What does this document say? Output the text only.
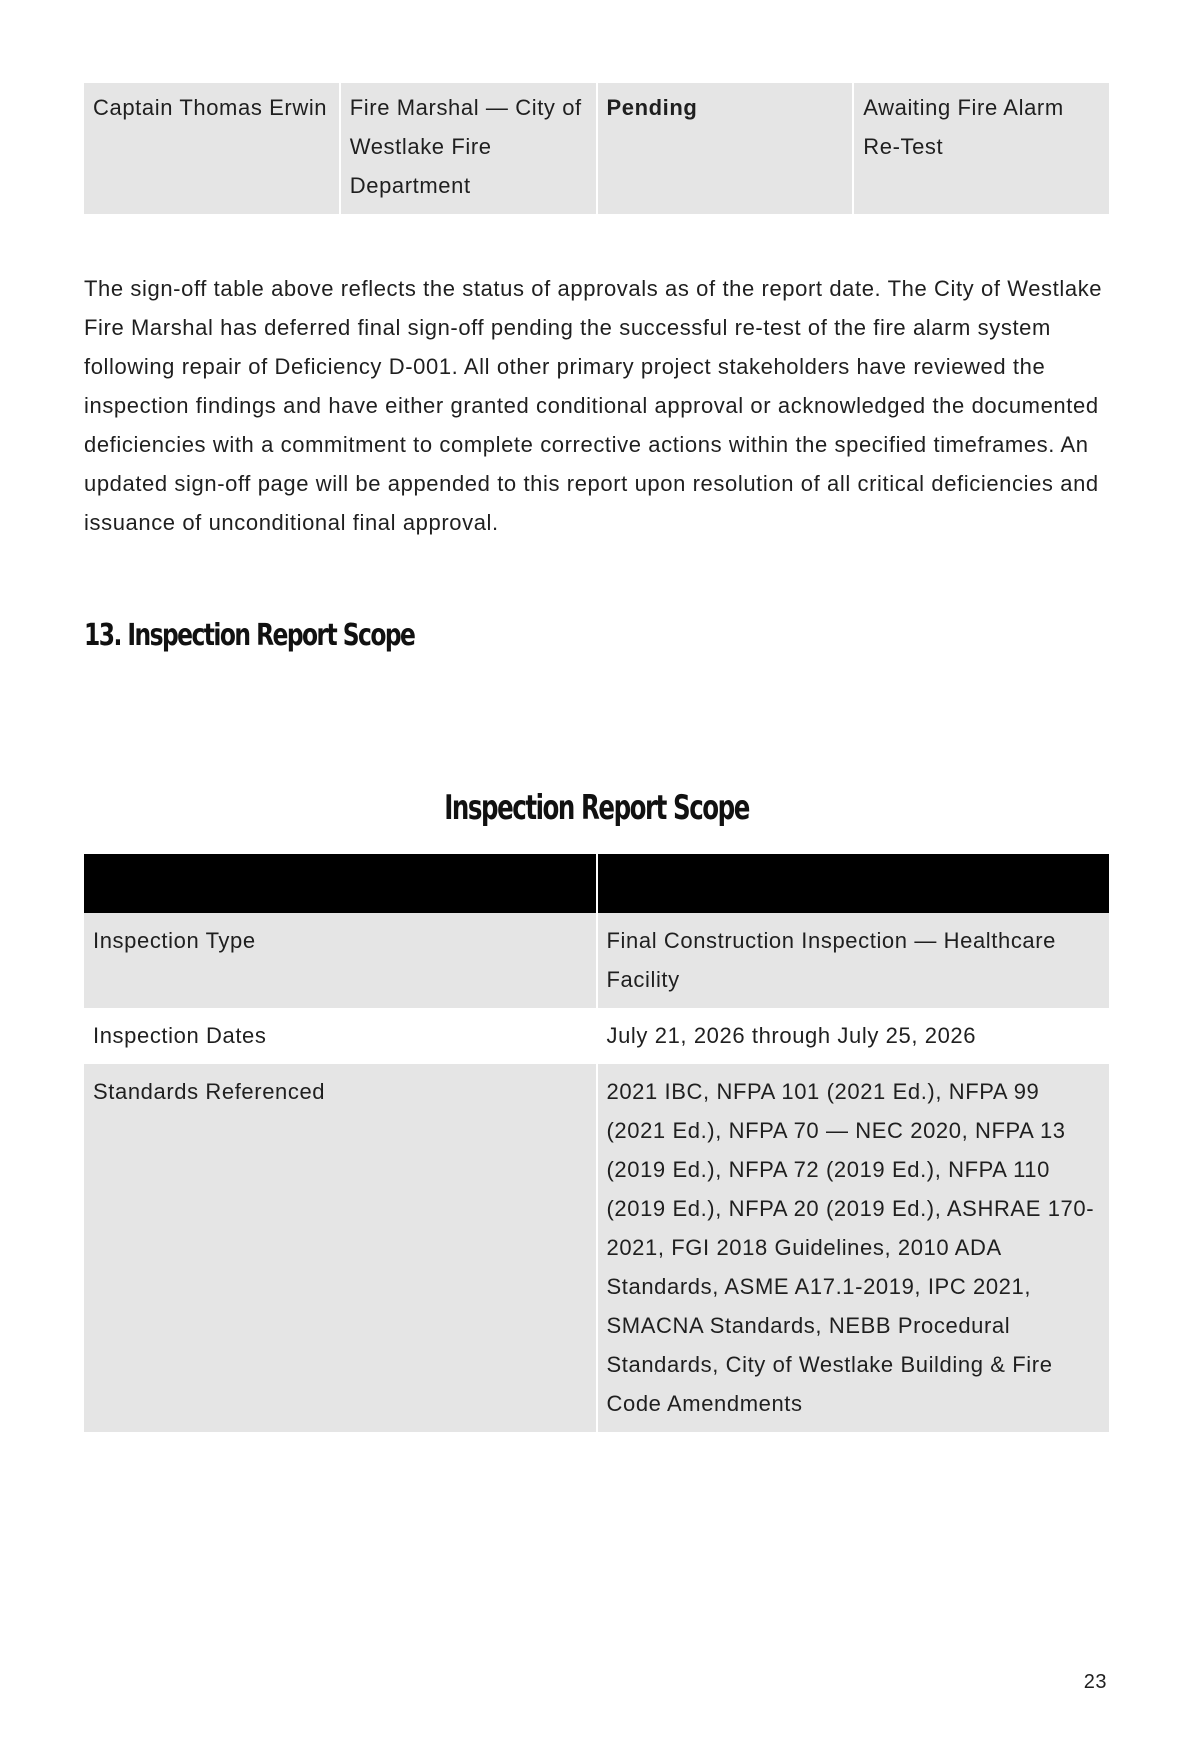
Captain Thomas Erwin	Fire Marshal — City of Westlake Fire Department	Pending	Awaiting Fire Alarm Re-Test

The sign-off table above reflects the status of approvals as of the report date. The City of Westlake Fire Marshal has deferred final sign-off pending the successful re-test of the fire alarm system following repair of Deficiency D-001. All other primary project stakeholders have reviewed the inspection findings and have either granted conditional approval or acknowledged the documented deficiencies with a commitment to complete corrective actions within the specified timeframes. An updated sign-off page will be appended to this report upon resolution of all critical deficiencies and issuance of unconditional final approval.

13. Inspection Report Scope
Inspection Report Scope

Inspection Type	Final Construction Inspection — Healthcare Facility
Inspection Dates	July 21, 2026 through July 25, 2026
Standards Referenced	2021 IBC, NFPA 101 (2021 Ed.), NFPA 99 (2021 Ed.), NFPA 70 — NEC 2020, NFPA 13 (2019 Ed.), NFPA 72 (2019 Ed.), NFPA 110 (2019 Ed.), NFPA 20 (2019 Ed.), ASHRAE 170-2021, FGI 2018 Guidelines, 2010 ADA Standards, ASME A17.1-2019, IPC 2021, SMACNA Standards, NEBB Procedural Standards, City of Westlake Building & Fire Code Amendments
23
